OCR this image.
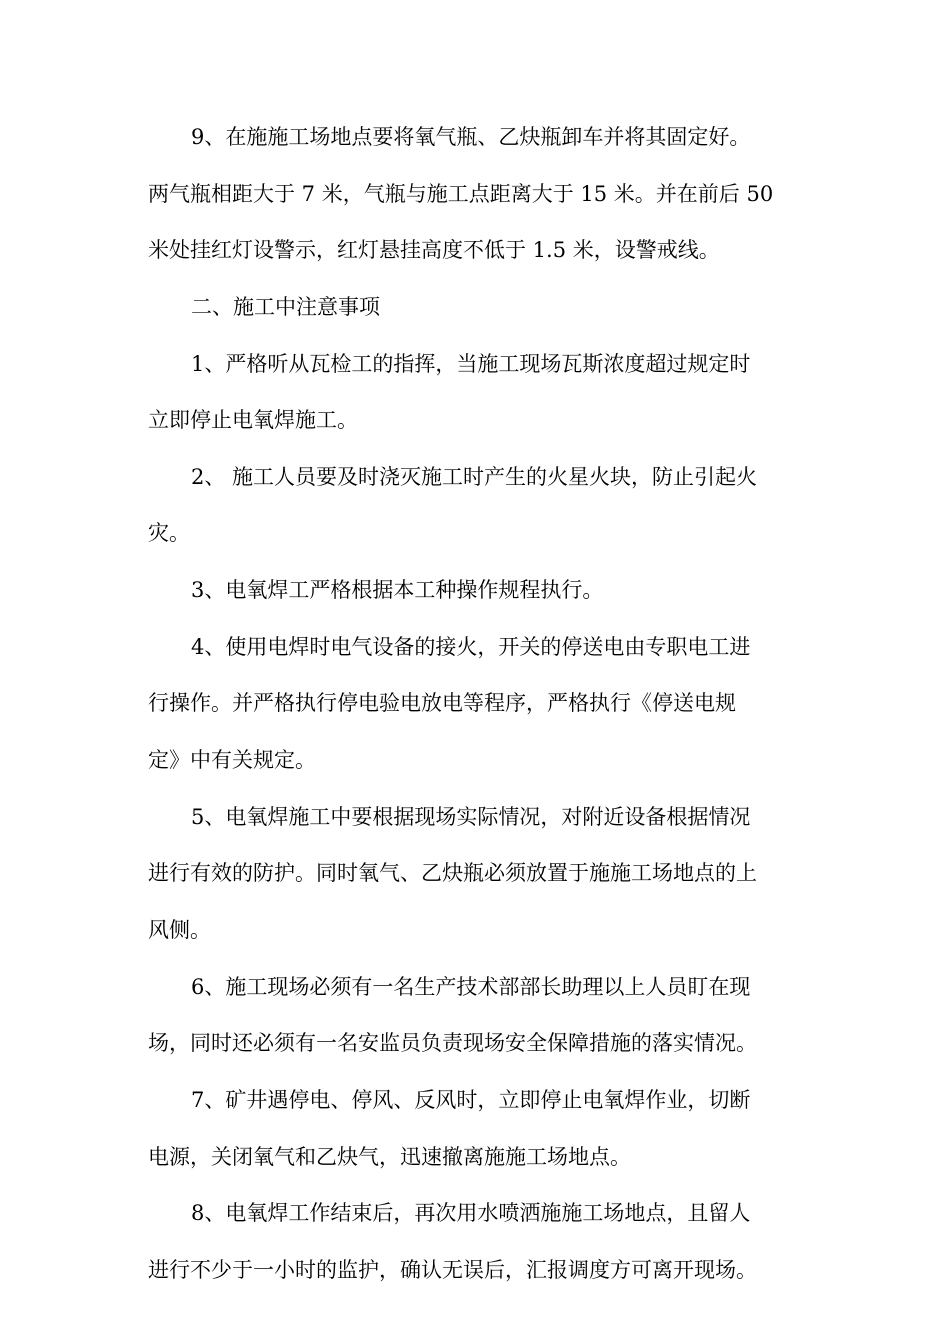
9、在施施工场地点要将氧气瓶、乙炔瓶卸车并将其固定好。
两气瓶相距大于 7 米，气瓶与施工点距离大于 15 米。并在前后 50
米处挂红灯设警示，红灯悬挂高度不低于 1.5 米，设警戒线。
二、施工中注意事项
1、严格听从瓦检工的指挥，当施工现场瓦斯浓度超过规定时
立即停止电氧焊施工。
2、 施工人员要及时浇灭施工时产生的火星火块，防止引起火
灾。
3、电氧焊工严格根据本工种操作规程执行。
4、使用电焊时电气设备的接火，开关的停送电由专职电工进
行操作。并严格执行停电验电放电等程序，严格执行《停送电规
定》中有关规定。
5、电氧焊施工中要根据现场实际情况，对附近设备根据情况
进行有效的防护。同时氧气、乙炔瓶必须放置于施施工场地点的上
风侧。
6、施工现场必须有一名生产技术部部长助理以上人员盯在现
场，同时还必须有一名安监员负责现场安全保障措施的落实情况。
7、矿井遇停电、停风、反风时，立即停止电氧焊作业，切断
电源，关闭氧气和乙炔气，迅速撤离施施工场地点。
8、电氧焊工作结束后，再次用水喷洒施施工场地点，且留人
进行不少于一小时的监护，确认无误后，汇报调度方可离开现场。
